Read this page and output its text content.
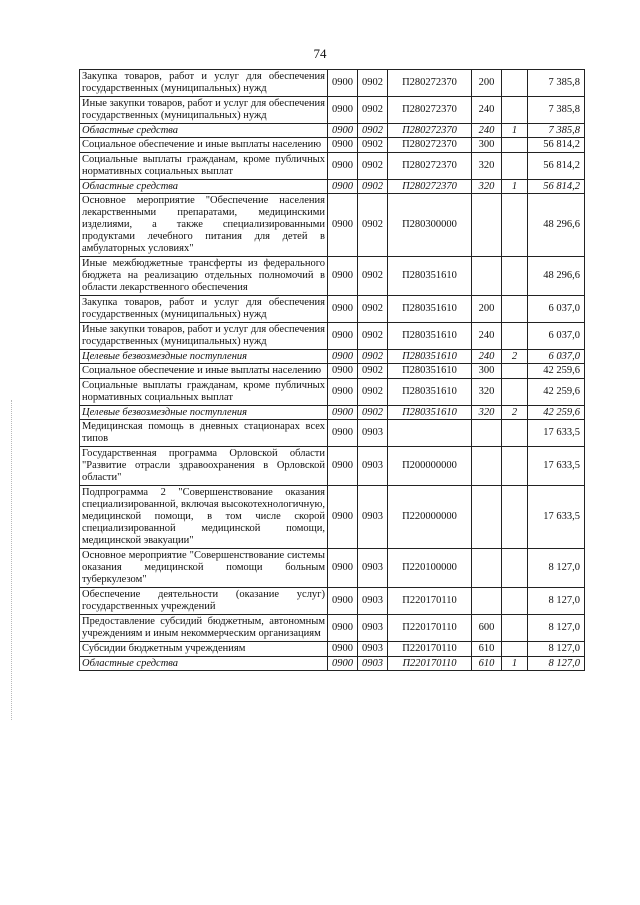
74
Закупка товаров, работ и услуг для обеспечения государственных (муниципальных) нужд	0900	0902	П280272370	200		7 385,8
Иные закупки товаров, работ и услуг для обеспечения государственных (муниципальных) нужд	0900	0902	П280272370	240		7 385,8
Областные средства	0900	0902	П280272370	240	1	7 385,8
Социальное обеспечение и иные выплаты населению	0900	0902	П280272370	300		56 814,2
Социальные выплаты гражданам, кроме публичных нормативных социальных выплат	0900	0902	П280272370	320		56 814,2
Областные средства	0900	0902	П280272370	320	1	56 814,2
Основное мероприятие "Обеспечение населения лекарственными препаратами, медицинскими изделиями, а также специализированными продуктами лечебного питания для детей в амбулаторных условиях"	0900	0902	П280300000			48 296,6
Иные межбюджетные трансферты из федерального бюджета на реализацию отдельных полномочий в области лекарственного обеспечения	0900	0902	П280351610			48 296,6
Закупка товаров, работ и услуг для обеспечения государственных (муниципальных) нужд	0900	0902	П280351610	200		6 037,0
Иные закупки товаров, работ и услуг для обеспечения государственных (муниципальных) нужд	0900	0902	П280351610	240		6 037,0
Целевые безвозмездные поступления	0900	0902	П280351610	240	2	6 037,0
Социальное обеспечение и иные выплаты населению	0900	0902	П280351610	300		42 259,6
Социальные выплаты гражданам, кроме публичных нормативных социальных выплат	0900	0902	П280351610	320		42 259,6
Целевые безвозмездные поступления	0900	0902	П280351610	320	2	42 259,6
Медицинская помощь в дневных стационарах всех типов	0900	0903				17 633,5
Государственная программа Орловской области "Развитие отрасли здравоохранения в Орловской области"	0900	0903	П200000000			17 633,5
Подпрограмма 2 "Совершенствование оказания специализированной, включая высокотехнологичную, медицинской помощи, в том числе скорой специализированной медицинской помощи, медицинской эвакуации"	0900	0903	П220000000			17 633,5
Основное мероприятие "Совершенствование системы оказания медицинской помощи больным туберкулезом"	0900	0903	П220100000			8 127,0
Обеспечение деятельности (оказание услуг) государственных учреждений	0900	0903	П220170110			8 127,0
Предоставление субсидий бюджетным, автономным учреждениям и иным некоммерческим организациям	0900	0903	П220170110	600		8 127,0
Субсидии бюджетным учреждениям	0900	0903	П220170110	610		8 127,0
Областные средства	0900	0903	П220170110	610	1	8 127,0
